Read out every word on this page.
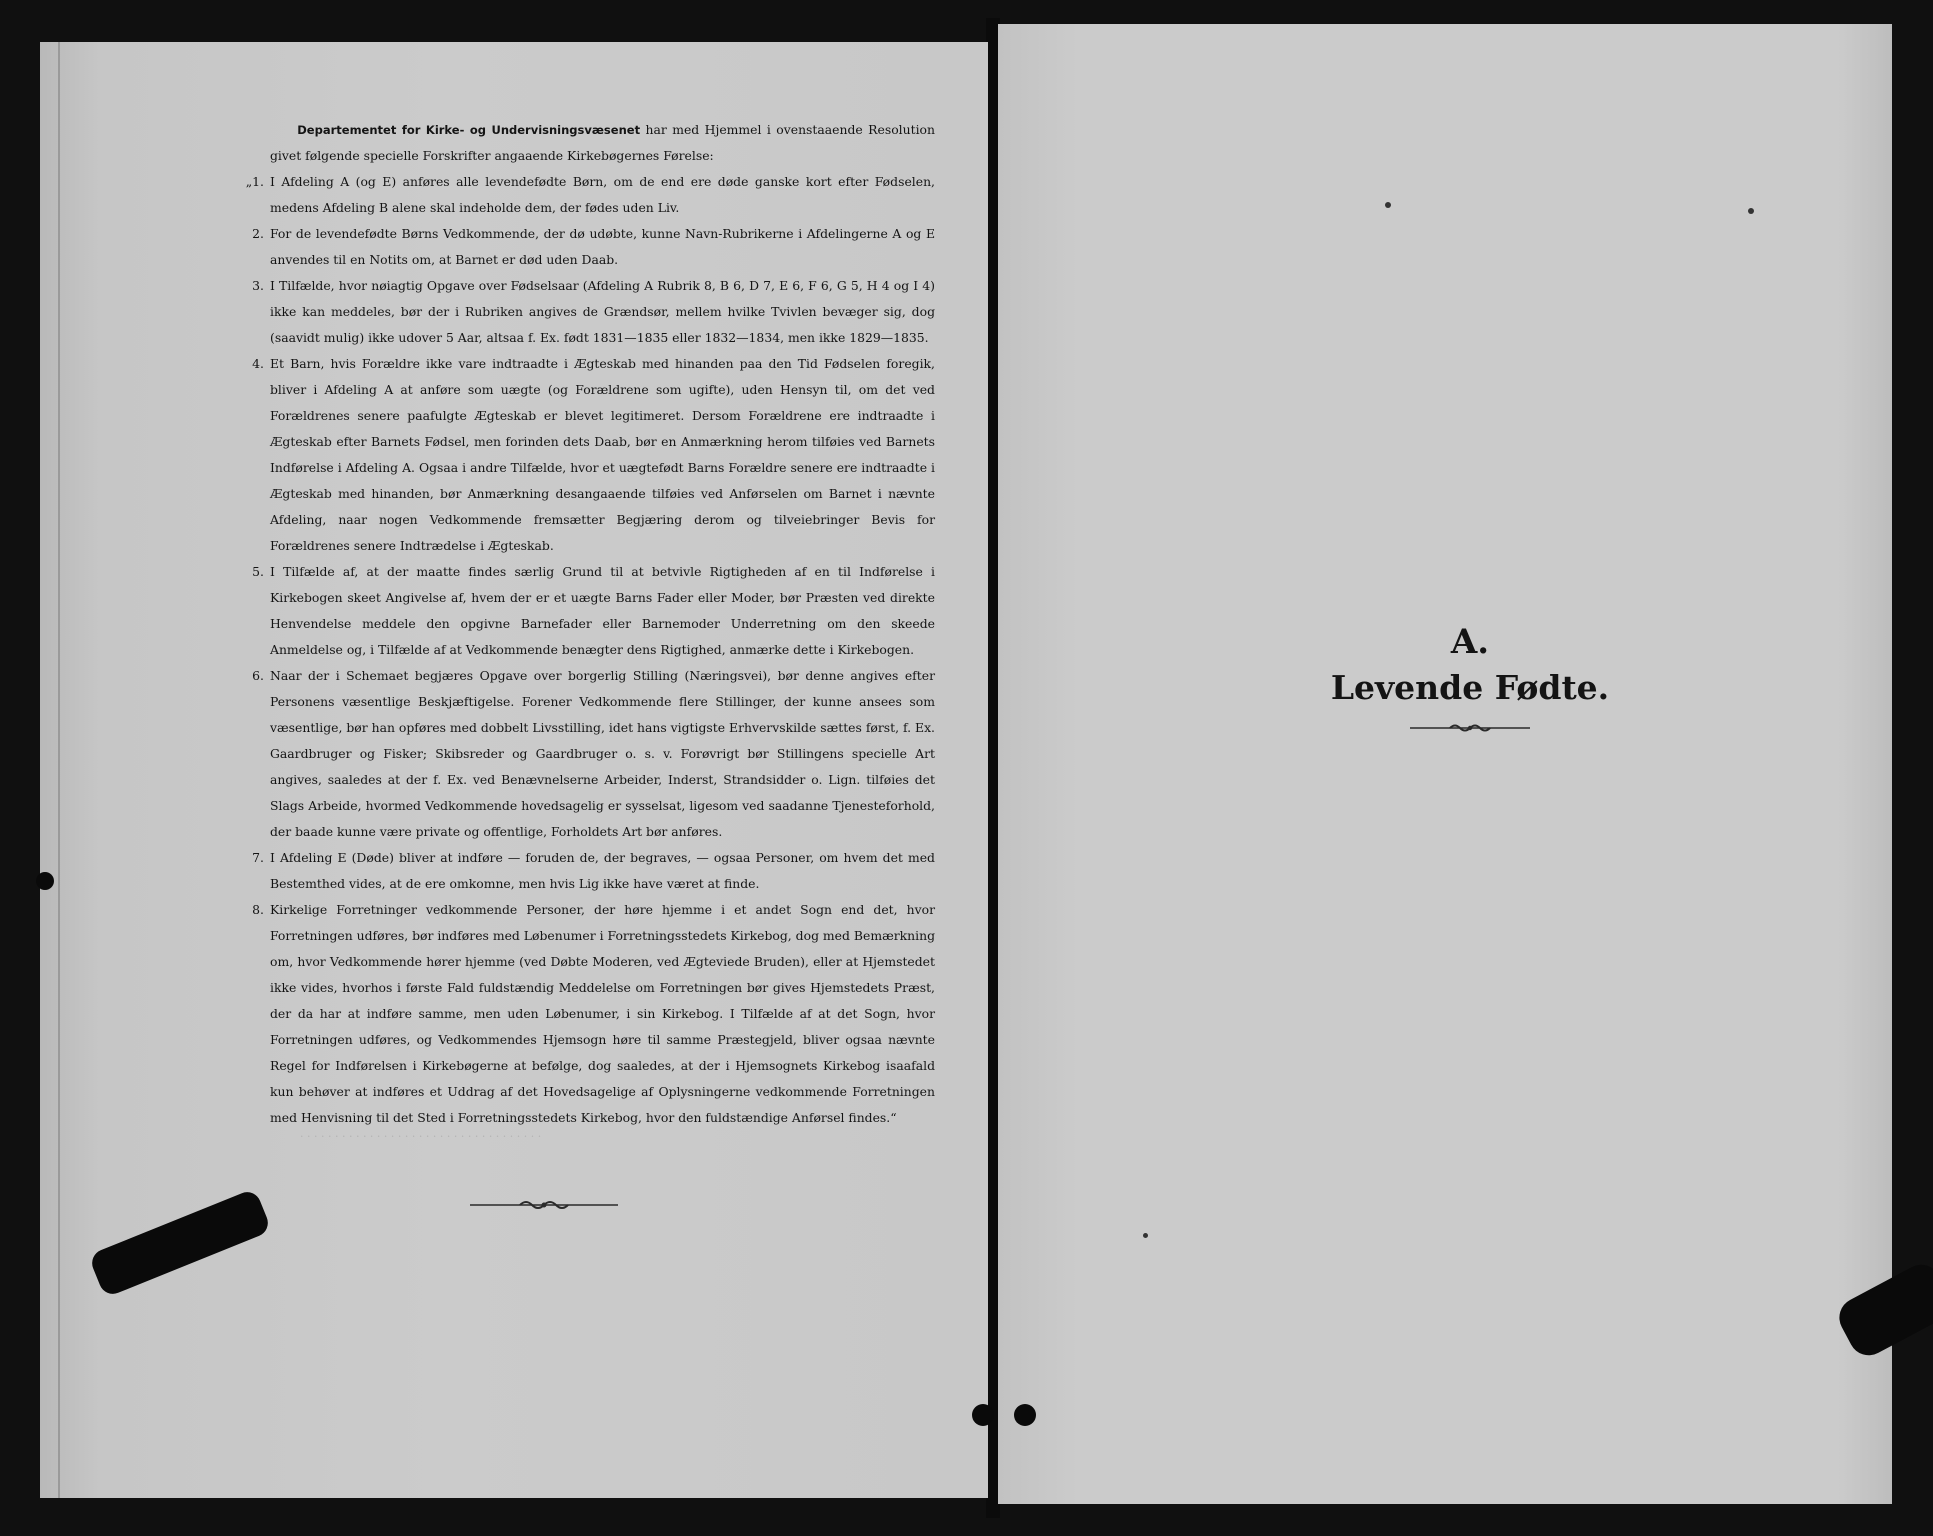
Departementet for Kirke- og Undervisningsvæsenet har med Hjemmel i ovenstaaende Resolution givet følgende specielle Forskrifter angaaende Kirkebøgernes Førelse:

„1. I Afdeling A (og E) anføres alle levendefødte Børn, om de end ere døde ganske kort efter Fødselen, medens Afdeling B alene skal indeholde dem, der fødes uden Liv.

2. For de levendefødte Børns Vedkommende, der dø udøbte, kunne Navn-Rubrikerne i Afdelingerne A og E anvendes til en Notits om, at Barnet er død uden Daab.

3. I Tilfælde, hvor nøiagtig Opgave over Fødselsaar (Afdeling A Rubrik 8, B 6, D 7, E 6, F 6, G 5, H 4 og I 4) ikke kan meddeles, bør der i Rubriken angives de Grændsør, mellem hvilke Tvivlen bevæger sig, dog (saavidt mulig) ikke udover 5 Aar, altsaa f. Ex. født 1831—1835 eller 1832—1834, men ikke 1829—1835.

4. Et Barn, hvis Forældre ikke vare indtraadte i Ægteskab med hinanden paa den Tid Fødselen foregik, bliver i Afdeling A at anføre som uægte (og Forældrene som ugifte), uden Hensyn til, om det ved Forældrenes senere paafulgte Ægteskab er blevet legitimeret. Dersom Forældrene ere indtraadte i Ægteskab efter Barnets Fødsel, men forinden dets Daab, bør en Anmærkning herom tilføies ved Barnets Indførelse i Afdeling A. Ogsaa i andre Tilfælde, hvor et uægtefødt Barns Forældre senere ere indtraadte i Ægteskab med hinanden, bør Anmærkning desangaaende tilføies ved Anførselen om Barnet i nævnte Afdeling, naar nogen Vedkommende fremsætter Begjæring derom og tilveiebringer Bevis for Forældrenes senere Indtrædelse i Ægteskab.

5. I Tilfælde af, at der maatte findes særlig Grund til at betvivle Rigtigheden af en til Indførelse i Kirkebogen skeet Angivelse af, hvem der er et uægte Barns Fader eller Moder, bør Præsten ved direkte Henvendelse meddele den opgivne Barnefader eller Barnemoder Underretning om den skeede Anmeldelse og, i Tilfælde af at Vedkommende benægter dens Rigtighed, anmærke dette i Kirkebogen.

6. Naar der i Schemaet begjæres Opgave over borgerlig Stilling (Næringsvei), bør denne angives efter Personens væsentlige Beskjæftigelse. Forener Vedkommende flere Stillinger, der kunne ansees som væsentlige, bør han opføres med dobbelt Livsstilling, idet hans vigtigste Erhvervskilde sættes først, f. Ex. Gaardbruger og Fisker; Skibsreder og Gaardbruger o. s. v. Forøvrigt bør Stillingens specielle Art angives, saaledes at der f. Ex. ved Benævnelserne Arbeider, Inderst, Strandsidder o. Lign. tilføies det Slags Arbeide, hvormed Vedkommende hovedsagelig er sysselsat, ligesom ved saadanne Tjenesteforhold, der baade kunne være private og offentlige, Forholdets Art bør anføres.

7. I Afdeling E (Døde) bliver at indføre — foruden de, der begraves, — ogsaa Personer, om hvem det med Bestemthed vides, at de ere omkomne, men hvis Lig ikke have været at finde.

8. Kirkelige Forretninger vedkommende Personer, der høre hjemme i et andet Sogn end det, hvor Forretningen udføres, bør indføres med Løbenumer i Forretningsstedets Kirkebog, dog med Bemærkning om, hvor Vedkommende hører hjemme (ved Døbte Moderen, ved Ægteviede Bruden), eller at Hjemstedet ikke vides, hvorhos i første Fald fuldstændig Meddelelse om Forretningen bør gives Hjemstedets Præst, der da har at indføre samme, men uden Løbenumer, i sin Kirkebog. I Tilfælde af at det Sogn, hvor Forretningen udføres, og Vedkommendes Hjemsogn høre til samme Præstegjeld, bliver ogsaa nævnte Regel for Indførelsen i Kirkebøgerne at befølge, dog saaledes, at der i Hjemsognets Kirkebog isaafald kun behøver at indføres et Uddrag af det Hovedsagelige af Oplysningerne vedkommende Forretningen med Henvisning til det Sted i Forretningsstedets Kirkebog, hvor den fuldstændige Anførsel findes.“

· · · · · · · · · · · · · · · · · · · · · · · · · · · · · · · · · · ·
A.
Levende Fødte.
